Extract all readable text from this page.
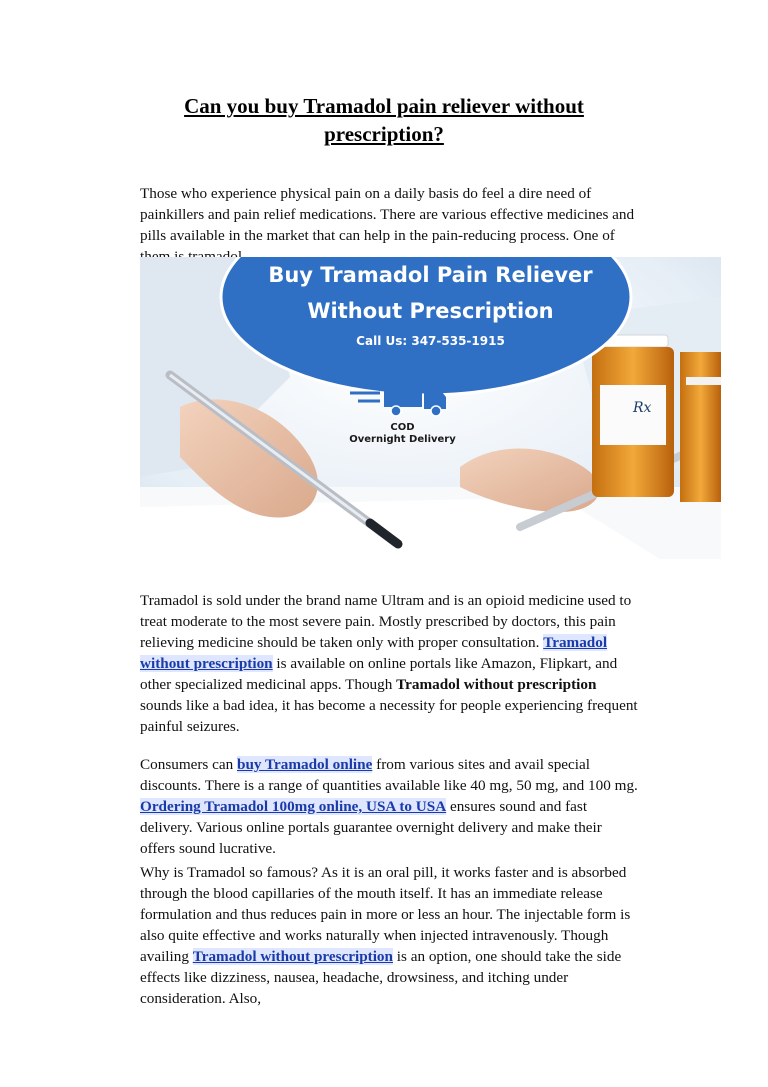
Can you buy Tramadol pain reliever without prescription?

Those who experience physical pain on a daily basis do feel a dire need of painkillers and pain relief medications. There are various effective medicines and pills available in the market that can help in the pain-reducing process. One of

Rx
Buy Tramadol Pain Reliever
Without Prescription
Call Us: 347-535-1915
COD
Overnight Delivery

Tramadol is sold under the brand name Ultram and is an opioid medicine used to treat moderate to the most severe pain. Mostly prescribed by doctors, this pain relieving medicine should be taken only with proper consultation. Tramadol without prescription is available on online portals like Amazon, Flipkart, and other specialized medicinal apps. Though Tramadol without prescription sounds like a bad idea, it has become a necessity for people experiencing frequent painful seizures.

Consumers can buy Tramadol online from various sites and avail special discounts. There is a range of quantities available like 40 mg, 50 mg, and 100 mg. Ordering Tramadol 100mg online, USA to USA ensures sound and fast delivery. Various online portals guarantee overnight delivery and make their offers sound lucrative.

Why is Tramadol so famous? As it is an oral pill, it works faster and is absorbed through the blood capillaries of the mouth itself. It has an immediate release formulation and thus reduces pain in more or less an hour. The injectable form is also quite effective and works naturally when injected intravenously. Though availing Tramadol without prescription is an option, one should take the side effects like dizziness, nausea, headache, drowsiness, and itching under consideration. Also,
